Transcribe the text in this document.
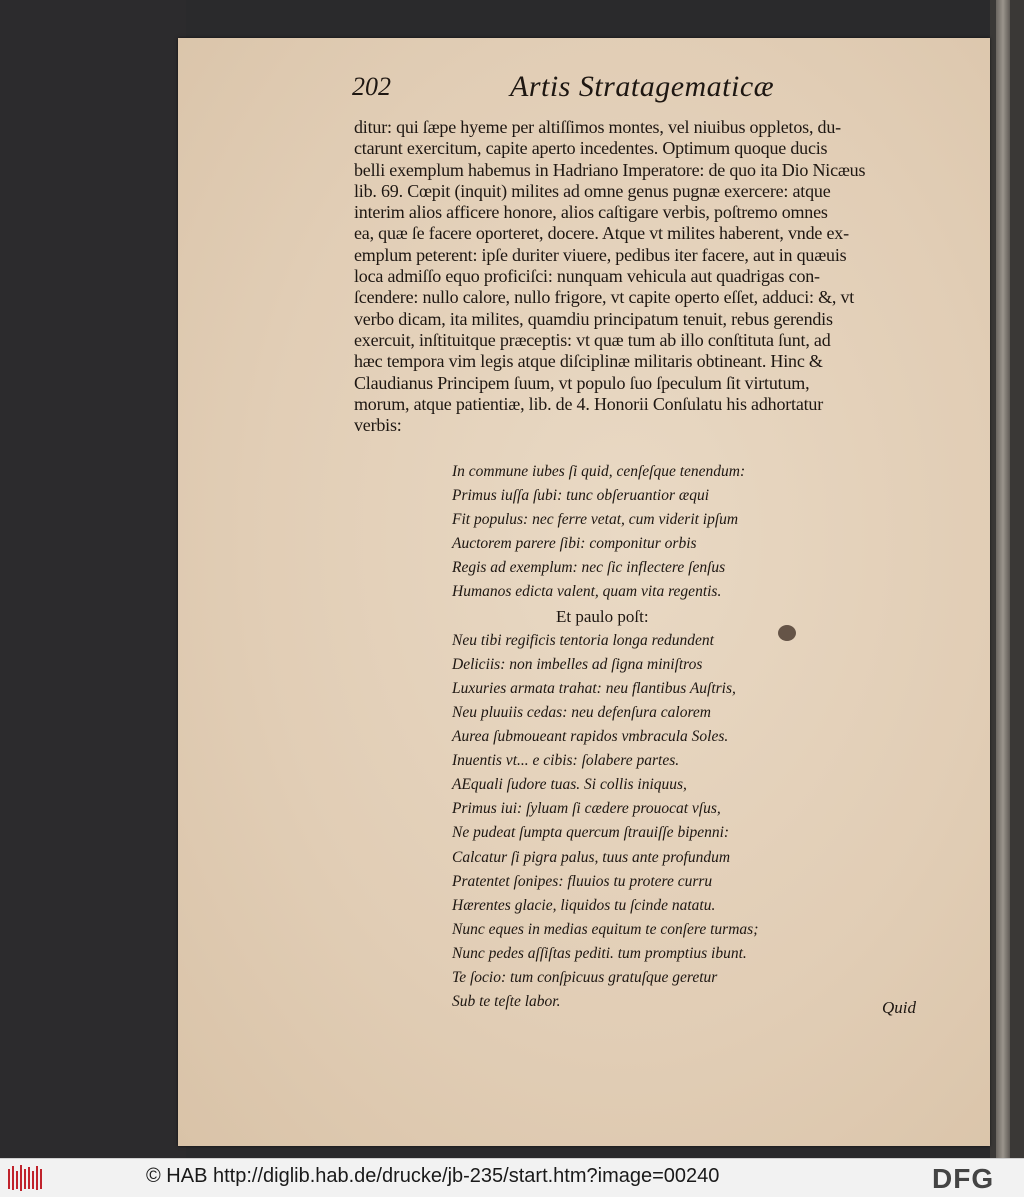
202	Artis Stratagematicæ
ditur: qui ſæpe hyeme per altiſſimos montes, vel niuibus oppletos, du-
ctarunt exercitum, capite aperto incedentes. Optimum quoque ducis
belli exemplum habemus in Hadriano Imperatore: de quo ita Dio Nicæus
lib. 69. Cœpit (inquit) milites ad omne genus pugnæ exercere: atque
interim alios afficere honore, alios caſtigare verbis, poſtremo omnes
ea, quæ ſe facere oporteret, docere. Atque vt milites haberent, vnde ex-
emplum peterent: ipſe duriter viuere, pedibus iter facere, aut in quæuis
loca admiſſo equo proficiſci: nunquam vehicula aut quadrigas con-
ſcendere: nullo calore, nullo frigore, vt capite operto eſſet, adduci: &, vt
verbo dicam, ita milites, quamdiu principatum tenuit, rebus gerendis
exercuit, inſtituitque præceptis: vt quæ tum ab illo conſtituta ſunt, ad
hæc tempora vim legis atque diſciplinæ militaris obtineant. Hinc &
Claudianus Principem ſuum, vt populo ſuo ſpeculum ſit virtutum,
morum, atque patientiæ, lib. de 4. Honorii Conſulatu his adhortatur
verbis:
In commune iubes ſi quid, cenſeſque tenendum:
Primus iuſſa ſubi: tunc obſeruantior æqui
Fit populus: nec ferre vetat, cum viderit ipſum
Auctorem parere ſibi: componitur orbis
Regis ad exemplum: nec ſic inflectere ſenſus
Humanos edicta valent, quam vita regentis.
Et paulo poſt:
Neu tibi regificis tentoria longa redundent
Deliciis: non imbelles ad ſigna miniſtros
Luxuries armata trahat: neu flantibus Auſtris,
Neu pluuiis cedas: neu defenſura calorem
Aurea ſubmoueant rapidos vmbracula Soles.
Inuentis vt... e cibis: ſolabere partes.
AEquali ſudore tuas. Si collis iniquus,
Primus iui: ſyluam ſi cædere prouocat vſus,
Ne pudeat ſumpta quercum ſtrauiſſe bipenni:
Calcatur ſi pigra palus, tuus ante profundum
Pratentet ſonipes: fluuios tu protere curru
Hærentes glacie, liquidos tu ſcinde natatu.
Nunc eques in medias equitum te conſere turmas;
Nunc pedes aſſiſtas pediti. tum promptius ibunt.
Te ſocio: tum conſpicuus gratuſque geretur
Sub te teſte labor.	Quid
© HAB http://diglib.hab.de/drucke/jb-235/start.htm?image=00240	DFG
